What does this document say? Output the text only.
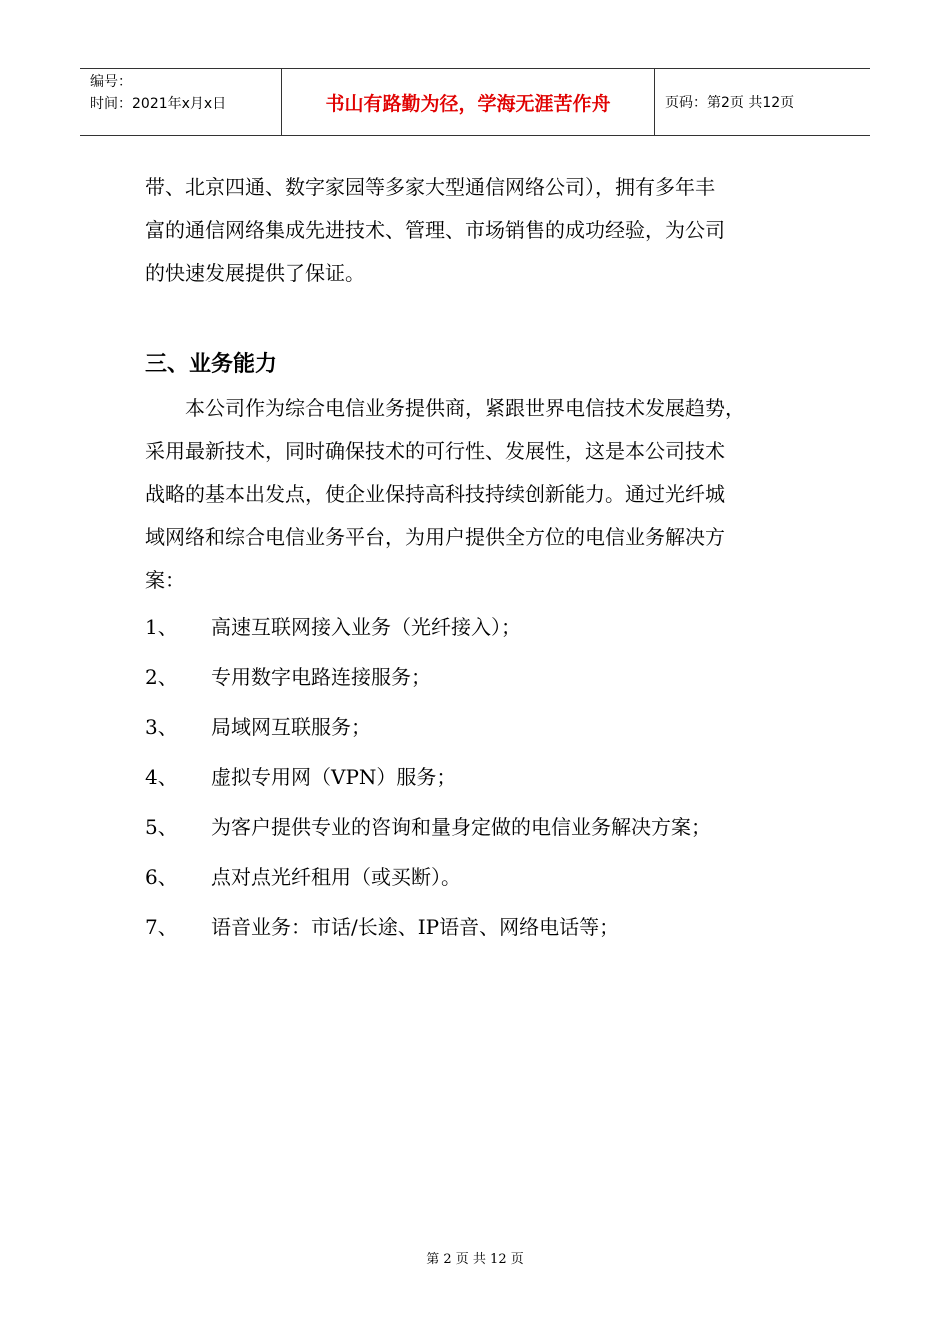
编号：
时间：2021年x月x日	书山有路勤为径，学海无涯苦作舟	页码：第2页 共12页

带、北京四通、数字家园等多家大型通信网络公司），拥有多年丰

富的通信网络集成先进技术、管理、市场销售的成功经验，为公司

的快速发展提供了保证。

三、业务能力

　　本公司作为综合电信业务提供商，紧跟世界电信技术发展趋势，

采用最新技术，同时确保技术的可行性、发展性，这是本公司技术

战略的基本出发点，使企业保持高科技持续创新能力。通过光纤城

域网络和综合电信业务平台，为用户提供全方位的电信业务解决方

案：

1、	高速互联网接入业务（光纤接入）；
2、	专用数字电路连接服务；
3、	局域网互联服务；
4、	虚拟专用网（VPN）服务；
5、	为客户提供专业的咨询和量身定做的电信业务解决方案；
6、	点对点光纤租用（或买断）。
7、	语音业务：市话/长途、IP语音、网络电话等；
第 2 页 共 12 页
